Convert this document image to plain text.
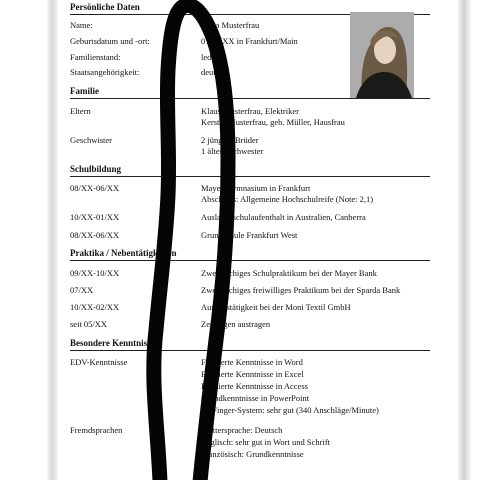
Persönliche Daten
Name:	Anna Musterfrau
Geburtsdatum und -ort:	01.01.XX in Frankfurt/Main
Familienstand:	ledig
Staatsangehörigkeit:	deutsch
Familie
Eltern	Klaus Musterfrau, Elektriker
Kerstin Musterfrau, geb. Müller, Hausfrau
Geschwister	2 jüngere Brüder
1 ältere Schwester
Schulbildung
08/XX-06/XX	Mayer-Gymnasium in Frankfurt
Abschluss: Allgemeine Hochschulreife (Note: 2,1)
10/XX-01/XX	Auslandsschulaufenthalt in Australien, Canberra
08/XX-06/XX	Grundschule Frankfurt West
Praktika / Nebentätigkeiten
09/XX-10/XX	Zweiwöchiges Schulpraktikum bei der Mayer Bank
07/XX	Zweiwöchiges freiwilliges Praktikum bei der Sparda Bank
10/XX-02/XX	Aushilfstätigkeit bei der Moni Textil GmbH
seit 05/XX	Zeitungen austragen
Besondere Kenntnisse
EDV-Kenntnisse	Fundierte Kenntnisse in Word
Fundierte Kenntnisse in Excel
Fundierte Kenntnisse in Access
Grundkenntnisse in PowerPoint
10-Finger-System: sehr gut (340 Anschläge/Minute)
Fremdsprachen	Muttersprache: Deutsch
Englisch: sehr gut in Wort und Schrift
Französisch: Grundkenntnisse
